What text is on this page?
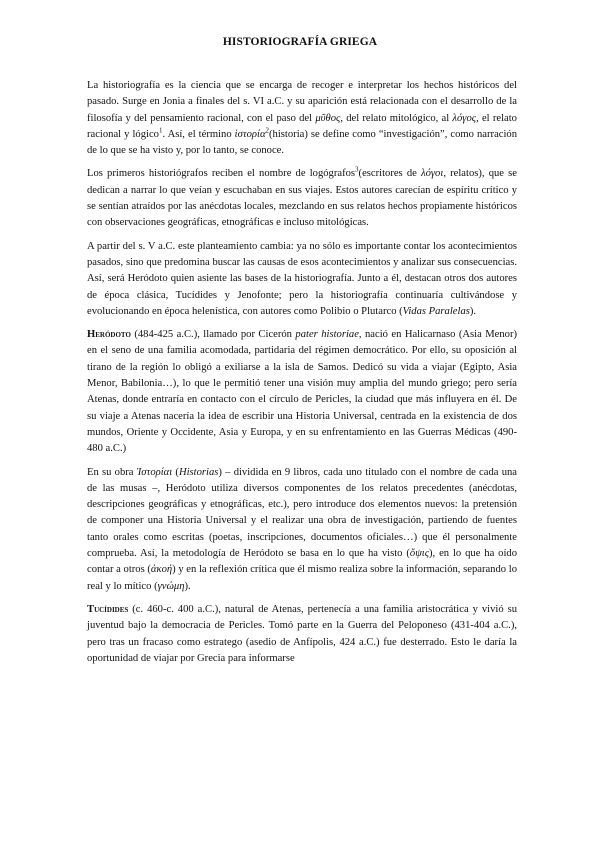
HISTORIOGRAFÍA GRIEGA

La historiografía es la ciencia que se encarga de recoger e interpretar los hechos históricos del pasado. Surge en Jonia a finales del s. VI a.C. y su aparición está relacionada con el desarrollo de la filosofía y del pensamiento racional, con el paso del μῦθος, del relato mitológico, al λόγος, el relato racional y lógico$^1$. Así, el término ἱστορία$^2$(historia) se define como “investigación”, como narración de lo que se ha visto y, por lo tanto, se conoce.

Los primeros historiógrafos reciben el nombre de logógrafos$^3$(escritores de λόγοι, relatos), que se dedican a narrar lo que veían y escuchaban en sus viajes. Estos autores carecían de espíritu crítico y se sentían atraídos por las anécdotas locales, mezclando en sus relatos hechos propiamente históricos con observaciones geográficas, etnográficas e incluso mitológicas.

A partir del s. V a.C. este planteamiento cambia: ya no sólo es importante contar los acontecimientos pasados, sino que predomina buscar las causas de esos acontecimientos y analizar sus consecuencias. Así, será Heródoto quien asiente las bases de la historiografía. Junto a él, destacan otros dos autores de época clásica, Tucídides y Jenofonte; pero la historiografía continuaría cultivándose y evolucionando en época helenística, con autores como Polibio o Plutarco (Vidas Paralelas).

Heródoto (484-425 a.C.), llamado por Cicerón pater historiae, nació en Halicarnaso (Asia Menor) en el seno de una familia acomodada, partidaria del régimen democrático. Por ello, su oposición al tirano de la región lo obligó a exiliarse a la isla de Samos. Dedicó su vida a viajar (Egipto, Asia Menor, Babilonia…), lo que le permitió tener una visión muy amplia del mundo griego; pero sería Atenas, donde entraría en contacto con el círculo de Pericles, la ciudad que más influyera en él. De su viaje a Atenas nacería la idea de escribir una Historia Universal, centrada en la existencia de dos mundos, Oriente y Occidente, Asia y Europa, y en su enfrentamiento en las Guerras Médicas (490-480 a.C.)

En su obra Ἱστορίαι (Historias) – dividida en 9 libros, cada uno titulado con el nombre de cada una de las musas –, Heródoto utiliza diversos componentes de los relatos precedentes (anécdotas, descripciones geográficas y etnográficas, etc.), pero introduce dos elementos nuevos: la pretensión de componer una Historia Universal y el realizar una obra de investigación, partiendo de fuentes tanto orales como escritas (poetas, inscripciones, documentos oficiales…) que él personalmente comprueba. Así, la metodología de Heródoto se basa en lo que ha visto (ὄψις), en lo que ha oído contar a otros (ἀκοή) y en la reflexión crítica que él mismo realiza sobre la información, separando lo real y lo mítico (γνώμη).

Tucídides (c. 460-c. 400 a.C.), natural de Atenas, pertenecía a una familia aristocrática y vivió su juventud bajo la democracia de Pericles. Tomó parte en la Guerra del Peloponeso (431-404 a.C.), pero tras un fracaso como estratego (asedio de Anfípolis, 424 a.C.) fue desterrado. Esto le daría la oportunidad de viajar por Grecia para informarse
